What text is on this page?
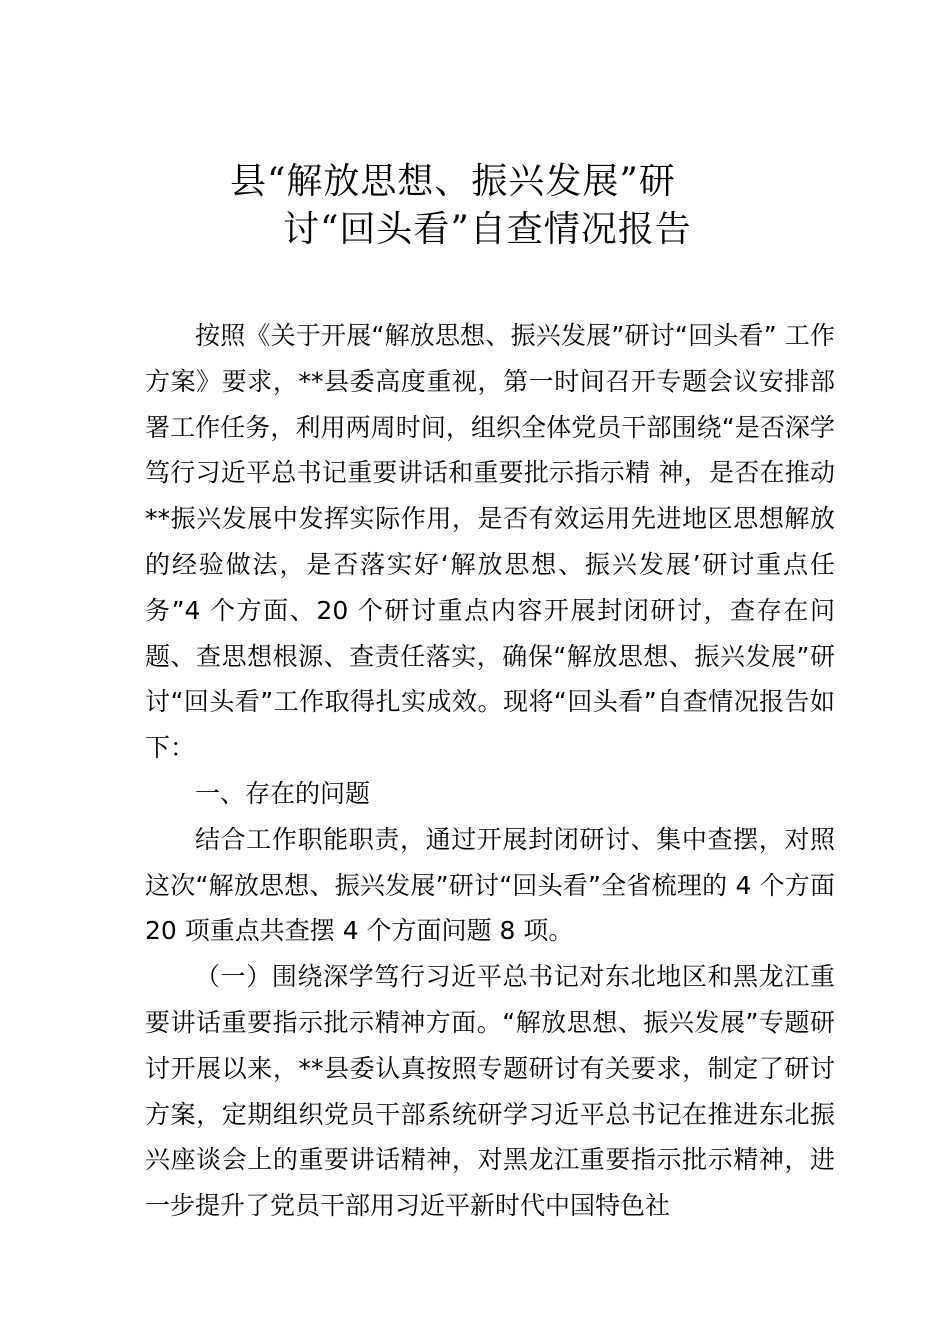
县“解放思想、振兴发展”研
讨“回头看”自查情况报告

按照《关于开展“解放思想、振兴发展”研讨“回头看” 工作方案》要求，**县委高度重视，第一时间召开专题会议安排部署工作任务，利用两周时间，组织全体党员干部围绕“是否深学笃行习近平总书记重要讲话和重要批示指示精 神，是否在推动**振兴发展中发挥实际作用，是否有效运用先进地区思想解放的经验做法，是否落实好‘解放思想、振兴发展’研讨重点任务”4 个方面、20 个研讨重点内容开展封闭研讨，查存在问题、查思想根源、查责任落实，确保“解放思想、振兴发展”研讨“回头看”工作取得扎实成效。现将“回头看”自查情况报告如下：

一、存在的问题

结合工作职能职责，通过开展封闭研讨、集中查摆，对照这次“解放思想、振兴发展”研讨“回头看”全省梳理的 4 个方面 20 项重点共查摆 4 个方面问题 8 项。

（一）围绕深学笃行习近平总书记对东北地区和黑龙江重要讲话重要指示批示精神方面。“解放思想、振兴发展”专题研讨开展以来，**县委认真按照专题研讨有关要求，制定了研讨方案，定期组织党员干部系统研学习近平总书记在推进东北振兴座谈会上的重要讲话精神，对黑龙江重要指示批示精神，进一步提升了党员干部用习近平新时代中国特色社
